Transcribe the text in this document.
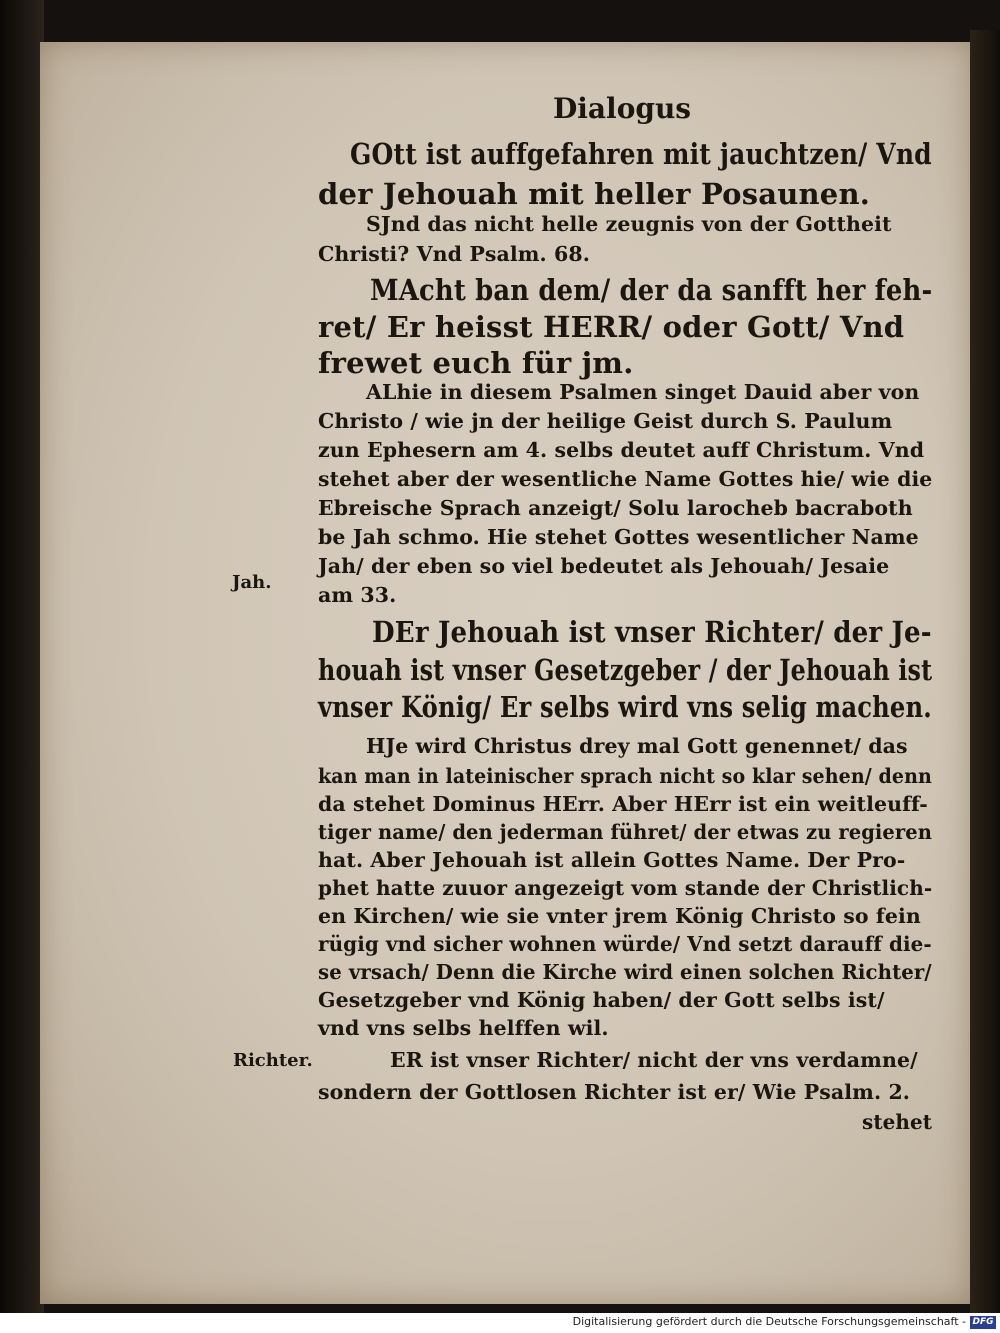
Dialogus
GOtt ist auffgefahren mit jauchtzen/ Vnd
der Jehouah mit heller Posaunen.
SJnd das nicht helle zeugnis von der Gottheit
Christi? Vnd Psalm. 68.
MAcht ban dem/ der da sanfft her feh-
ret/ Er heisst HERR/ oder Gott/ Vnd
frewet euch für jm.
ALhie in diesem Psalmen singet Dauid aber von
Christo / wie jn der heilige Geist durch S. Paulum
zun Ephesern am 4. selbs deutet auff Christum. Vnd
stehet aber der wesentliche Name Gottes hie/ wie die
Ebreische Sprach anzeigt/ Solu larocheb bacraboth
be Jah schmo. Hie stehet Gottes wesentlicher Name
Jah/ der eben so viel bedeutet als Jehouah/ Jesaie
am 33.
DEr Jehouah ist vnser Richter/ der Je-
houah ist vnser Gesetzgeber / der Jehouah ist
vnser König/ Er selbs wird vns selig machen.
HJe wird Christus drey mal Gott genennet/ das
kan man in lateinischer sprach nicht so klar sehen/ denn
da stehet Dominus HErr. Aber HErr ist ein weitleuff-
tiger name/ den jederman führet/ der etwas zu regieren
hat. Aber Jehouah ist allein Gottes Name. Der Pro-
phet hatte zuuor angezeigt vom stande der Christlich-
en Kirchen/ wie sie vnter jrem König Christo so fein
rügig vnd sicher wohnen würde/ Vnd setzt darauff die-
se vrsach/ Denn die Kirche wird einen solchen Richter/
Gesetzgeber vnd König haben/ der Gott selbs ist/
vnd vns selbs helffen wil.
ER ist vnser Richter/ nicht der vns verdamne/
sondern der Gottlosen Richter ist er/ Wie Psalm. 2.
stehet
Jah.
Richter.
Digitalisierung gefördert durch die Deutsche Forschungsgemeinschaft - DFG
